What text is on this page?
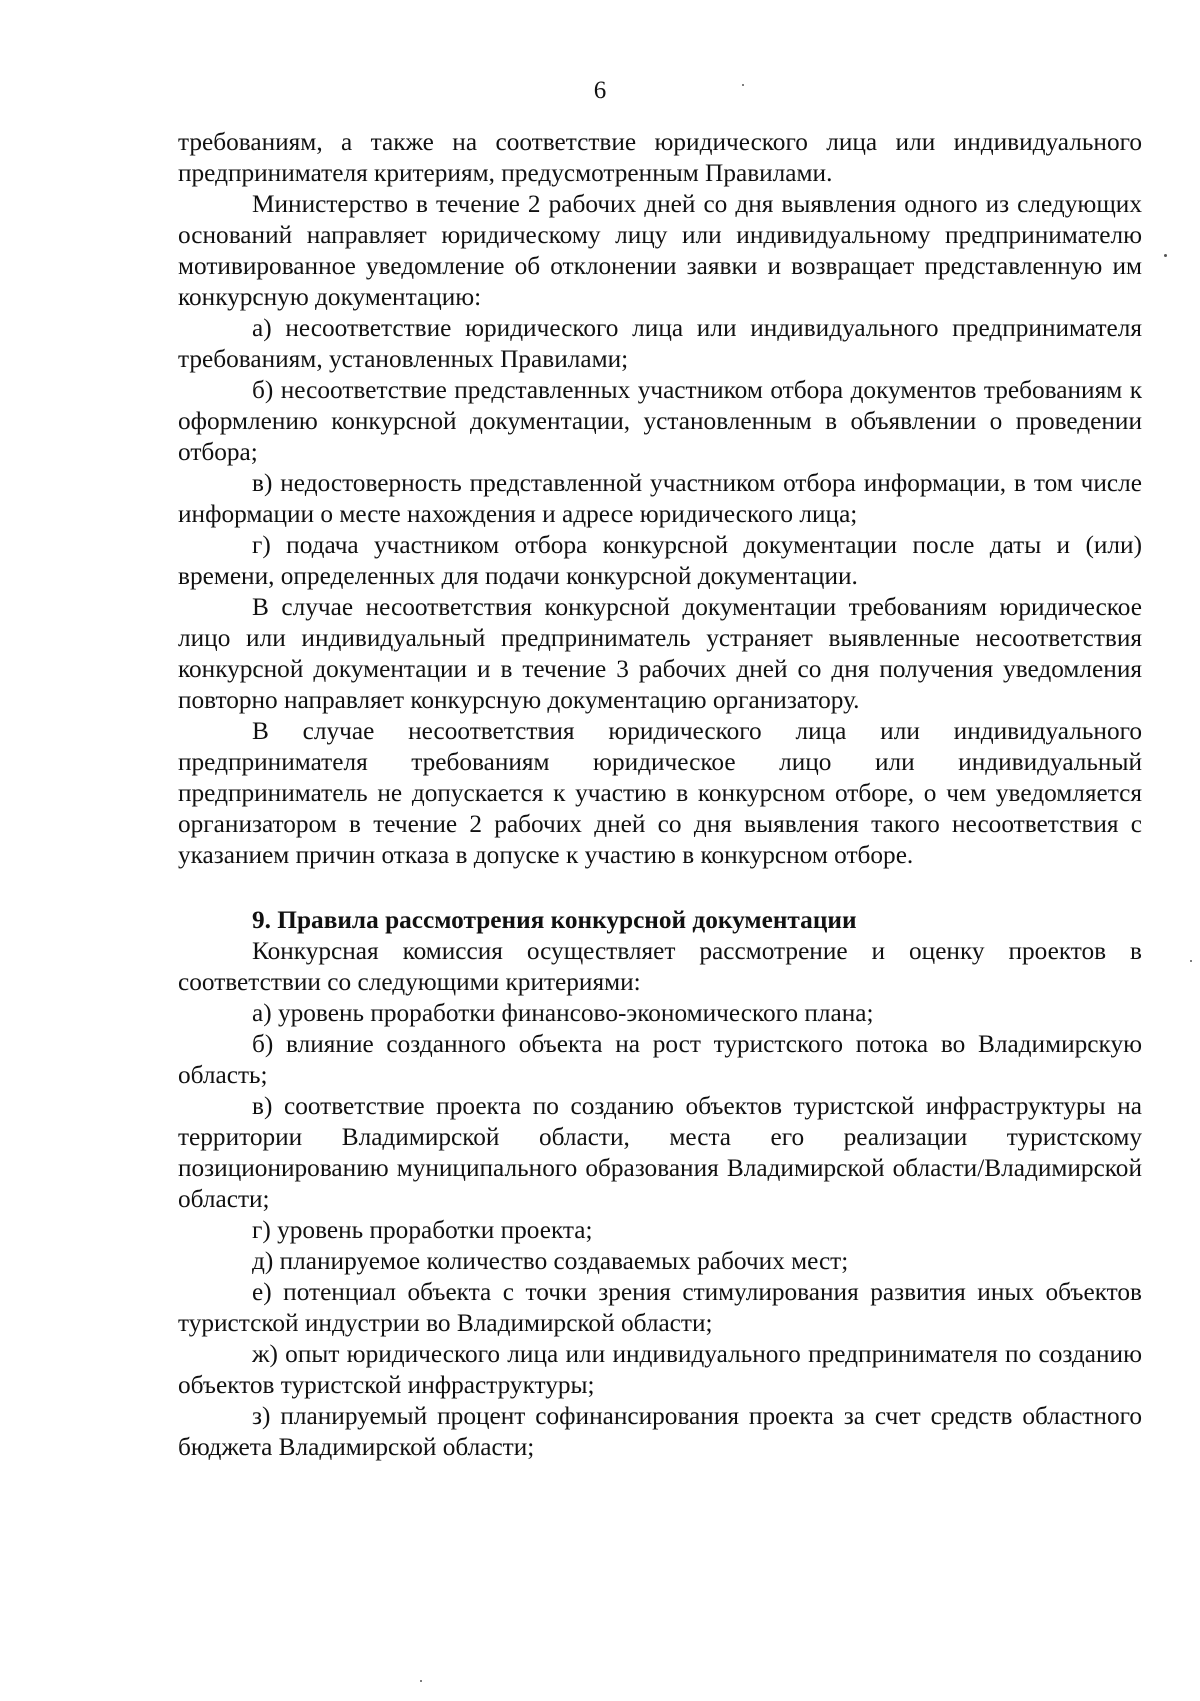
6

требованиям, а также на соответствие юридического лица или индивидуального предпринимателя критериям, предусмотренным Правилами.

Министерство в течение 2 рабочих дней со дня выявления одного из следующих оснований направляет юридическому лицу или индивидуальному предпринимателю мотивированное уведомление об отклонении заявки и возвращает представленную им конкурсную документацию:

а) несоответствие юридического лица или индивидуального предпринимателя требованиям, установленных Правилами;

б) несоответствие представленных участником отбора документов требованиям к оформлению конкурсной документации, установленным в объявлении о проведении отбора;

в) недостоверность представленной участником отбора информации, в том числе информации о месте нахождения и адресе юридического лица;

г) подача участником отбора конкурсной документации после даты и (или) времени, определенных для подачи конкурсной документации.

В случае несоответствия конкурсной документации требованиям юридическое лицо или индивидуальный предприниматель устраняет выявленные несоответствия конкурсной документации и в течение 3 рабочих дней со дня получения уведомления повторно направляет конкурсную документацию организатору.

В случае несоответствия юридического лица или индивидуального предпринимателя требованиям юридическое лицо или индивидуальный предприниматель не допускается к участию в конкурсном отборе, о чем уведомляется организатором в течение 2 рабочих дней со дня выявления такого несоответствия с указанием причин отказа в допуске к участию в конкурсном отборе.

9. Правила рассмотрения конкурсной документации

Конкурсная комиссия осуществляет рассмотрение и оценку проектов в соответствии со следующими критериями:

а) уровень проработки финансово-экономического плана;

б) влияние созданного объекта на рост туристского потока во Владимирскую область;

в) соответствие проекта по созданию объектов туристской инфраструктуры на территории Владимирской области, места его реализации туристскому позиционированию муниципального образования Владимирской области/Владимирской области;

г) уровень проработки проекта;

д) планируемое количество создаваемых рабочих мест;

е) потенциал объекта с точки зрения стимулирования развития иных объектов туристской индустрии во Владимирской области;

ж) опыт юридического лица или индивидуального предпринимателя по созданию объектов туристской инфраструктуры;

з) планируемый процент софинансирования проекта за счет средств областного бюджета Владимирской области;
